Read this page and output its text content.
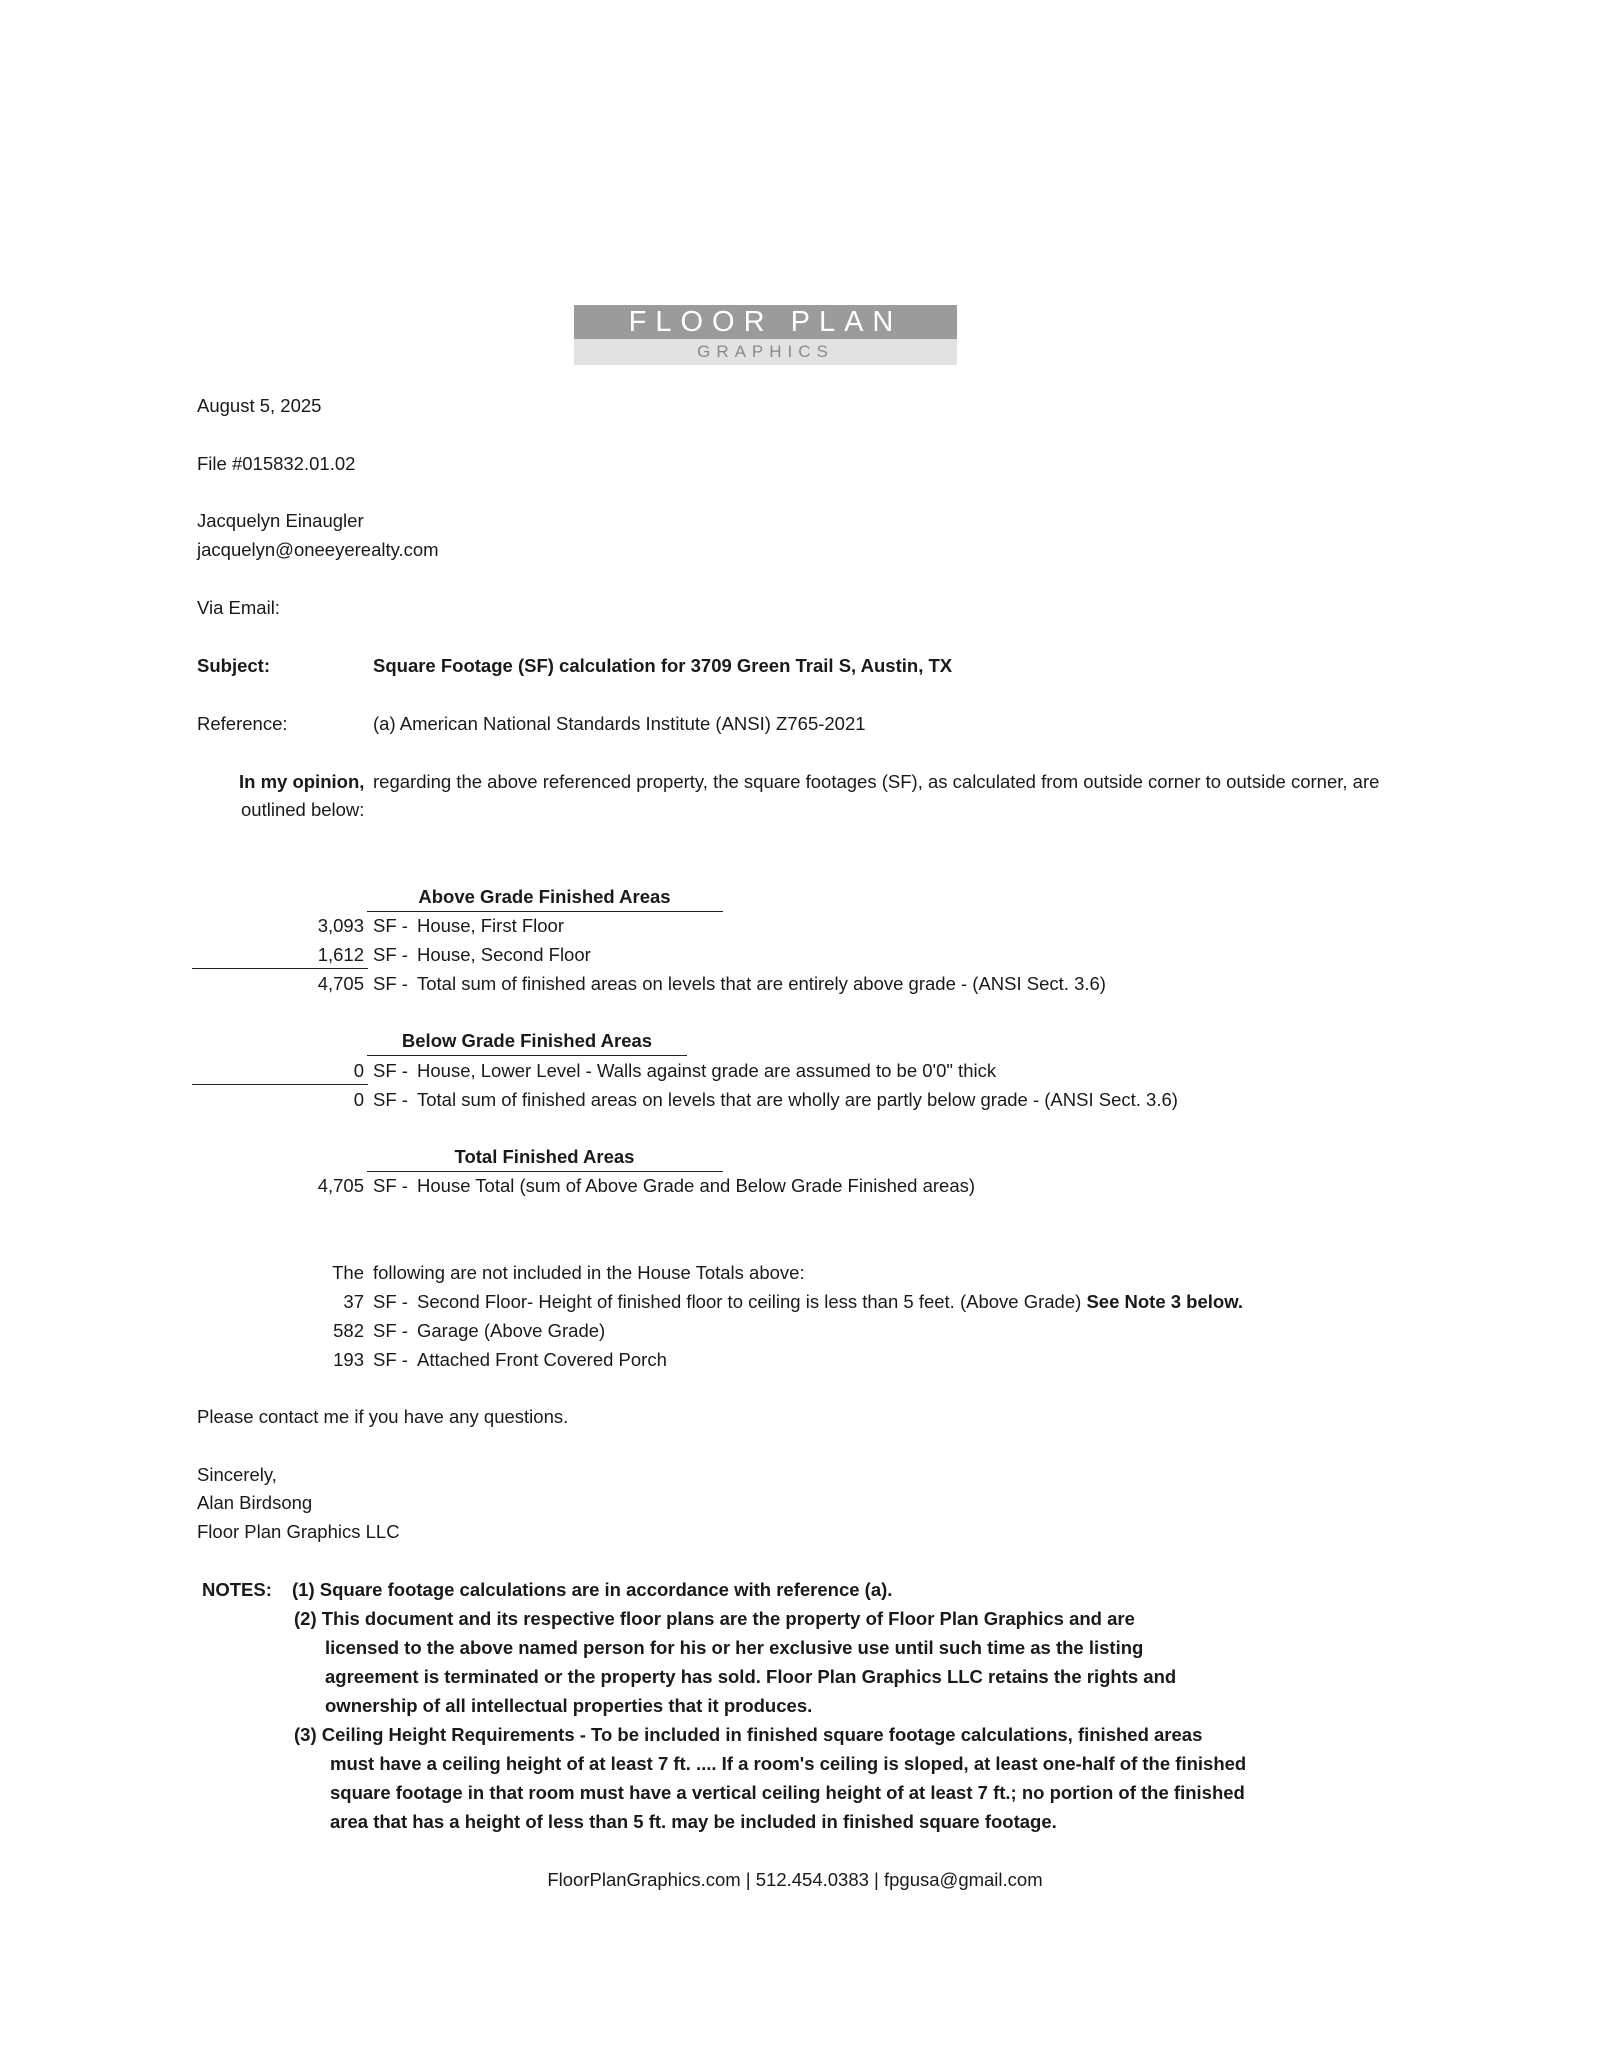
FLOOR PLAN
GRAPHICS
August 5, 2025
File #015832.01.02
Jacquelyn Einaugler
jacquelyn@oneeyerealty.com
Via Email:
Subject:	Square Footage (SF) calculation for 3709 Green Trail S, Austin, TX
Reference:	(a) American National Standards Institute (ANSI) Z765-2021
In my opinion, regarding the above referenced property, the square footages (SF), as calculated from outside corner to outside corner, are
outlined below:
Above Grade Finished Areas
3,093 SF - House, First Floor
1,612 SF - House, Second Floor
4,705 SF - Total sum of finished areas on levels that are entirely above grade - (ANSI Sect. 3.6)
Below Grade Finished Areas
0 SF - House, Lower Level - Walls against grade are assumed to be 0'0" thick
0 SF - Total sum of finished areas on levels that are wholly are partly below grade - (ANSI Sect. 3.6)
Total Finished Areas
4,705 SF - House Total (sum of Above Grade and Below Grade Finished areas)
The following are not included in the House Totals above:
37 SF - Second Floor- Height of finished floor to ceiling is less than 5 feet. (Above Grade) See Note 3 below.
582 SF - Garage (Above Grade)
193 SF - Attached Front Covered Porch
Please contact me if you have any questions.
Sincerely,
Alan Birdsong
Floor Plan Graphics LLC
NOTES: (1) Square footage calculations are in accordance with reference (a).
(2) This document and its respective floor plans are the property of Floor Plan Graphics and are
licensed to the above named person for his or her exclusive use until such time as the listing
agreement is terminated or the property has sold. Floor Plan Graphics LLC retains the rights and
ownership of all intellectual properties that it produces.
(3) Ceiling Height Requirements - To be included in finished square footage calculations, finished areas
must have a ceiling height of at least 7 ft. .... If a room's ceiling is sloped, at least one-half of the finished
square footage in that room must have a vertical ceiling height of at least 7 ft.; no portion of the finished
area that has a height of less than 5 ft. may be included in finished square footage.
FloorPlanGraphics.com | 512.454.0383 | fpgusa@gmail.com
